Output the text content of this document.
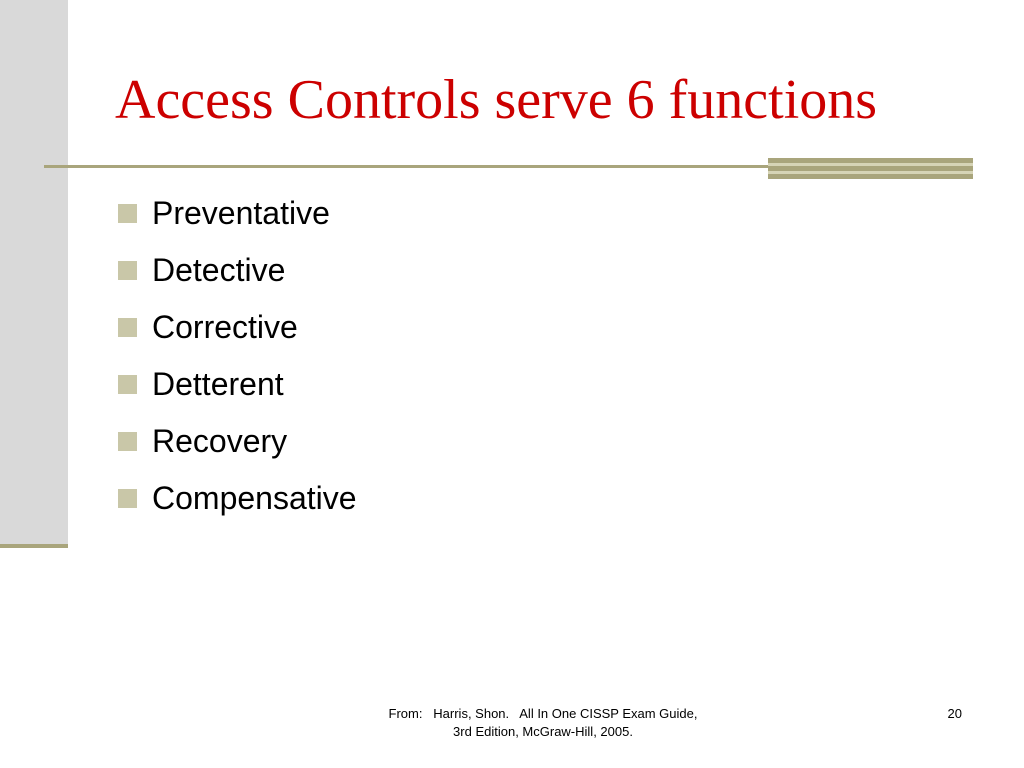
Access Controls serve 6 functions
Preventative
Detective
Corrective
Detterent
Recovery
Compensative
From:   Harris, Shon.   All In One CISSP Exam Guide, 3rd Edition, McGraw-Hill, 2005.
20
